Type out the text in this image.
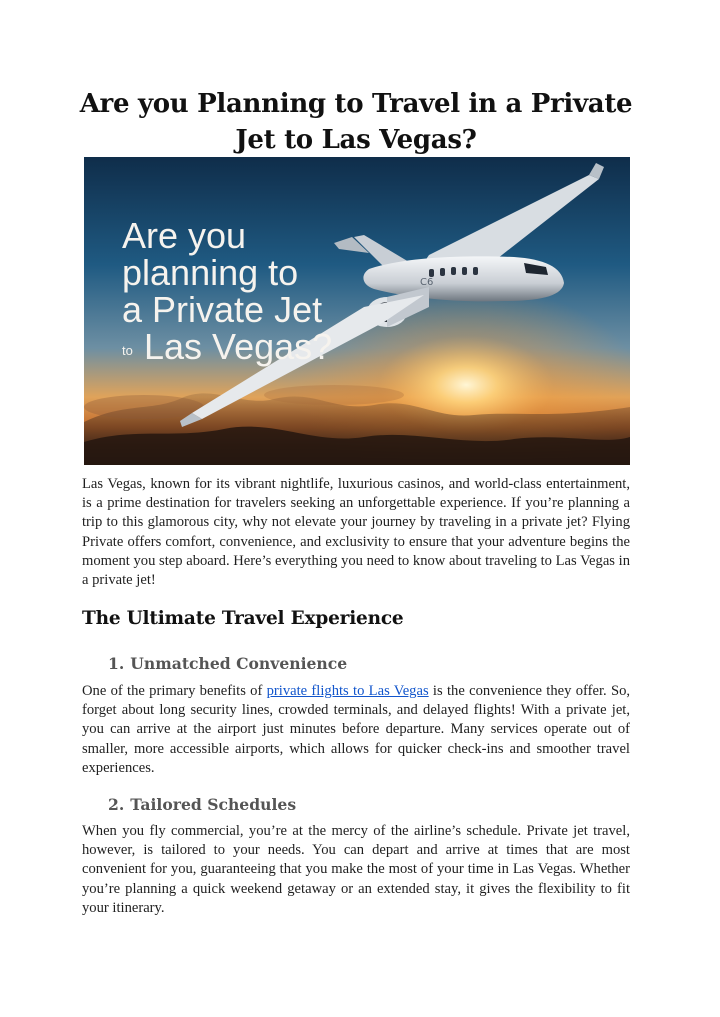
Are you Planning to Travel in a Private Jet to Las Vegas?
C6
Are you
planning to
a Private Jet
to Las Vegas?

Las Vegas, known for its vibrant nightlife, luxurious casinos, and world-class entertainment, is a prime destination for travelers seeking an unforgettable experience. If you’re planning a trip to this glamorous city, why not elevate your journey by traveling in a private jet? Flying Private offers comfort, convenience, and exclusivity to ensure that your adventure begins the moment you step aboard. Here’s everything you need to know about traveling to Las Vegas in a private jet!

The Ultimate Travel Experience
1. Unmatched Convenience

One of the primary benefits of private flights to Las Vegas is the convenience they offer. So, forget about long security lines, crowded terminals, and delayed flights! With a private jet, you can arrive at the airport just minutes before departure. Many services operate out of smaller, more accessible airports, which allows for quicker check-ins and smoother travel experiences.

2. Tailored Schedules

When you fly commercial, you’re at the mercy of the airline’s schedule. Private jet travel, however, is tailored to your needs. You can depart and arrive at times that are most convenient for you, guaranteeing that you make the most of your time in Las Vegas. Whether you’re planning a quick weekend getaway or an extended stay, it gives the flexibility to fit your itinerary.
